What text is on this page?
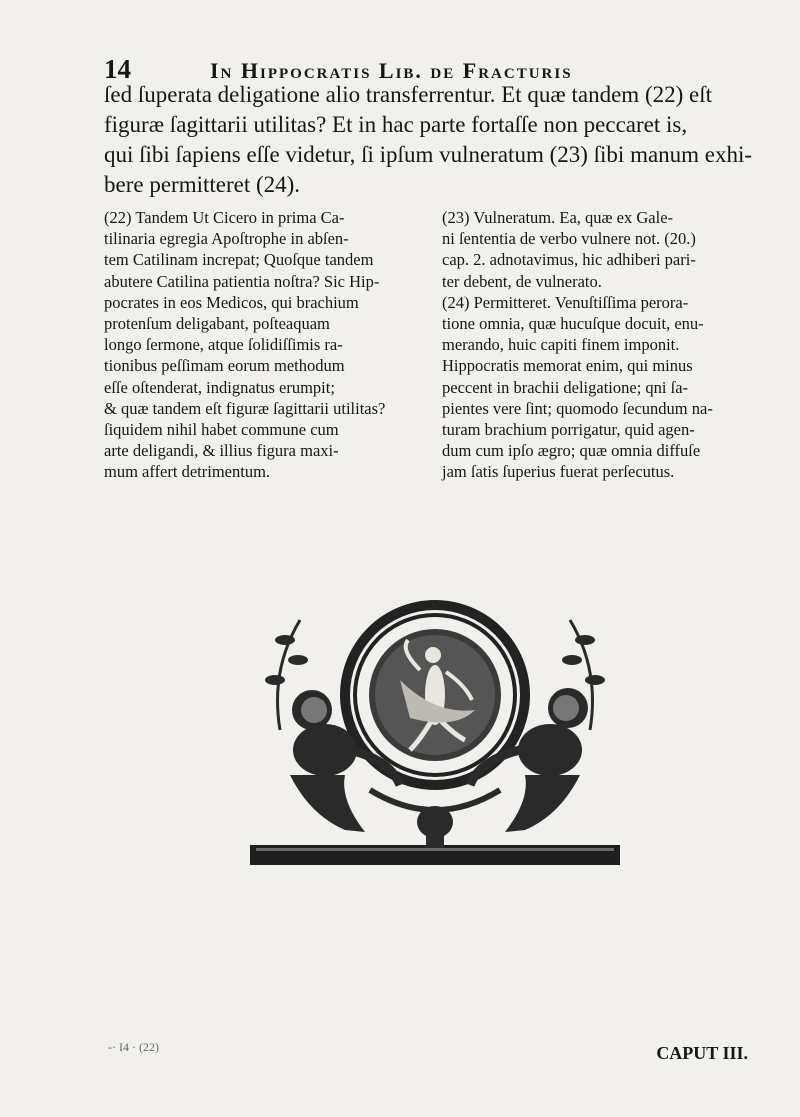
14	In Hippocratis Lib. de Fracturis
ſed ſuperata deligatione alio transferrentur. Et quæ tandem (22) eſt
figuræ ſagittarii utilitas? Et in hac parte fortaſſe non peccaret is,
qui ſibi ſapiens eſſe videtur, ſi ipſum vulneratum (23) ſibi manum exhi-
bere permitteret (24).
(22) Tandem Ut Cicero in prima Ca-
tilinaria egregia Apoſtrophe in abſen-
tem Catilinam increpat; Quoſque tandem
abutere Catilina patientia noſtra? Sic Hip-
pocrates in eos Medicos, qui brachium
protenſum deligabant, poſteaquam
longo ſermone, atque ſolidiſſimis ra-
tionibus peſſimam eorum methodum
eſſe oſtenderat, indignatus erumpit;
& quæ tandem eſt figuræ ſagittarii utilitas?
ſiquidem nihil habet commune cum
arte deligandi, & illius figura maxi-
mum affert detrimentum.
(23) Vulneratum. Ea, quæ ex Gale-
ni ſententia de verbo vulnere not. (20.)
cap. 2. adnotavimus, hic adhiberi pari-
ter debent, de vulnerato.
(24) Permitteret. Venuſtiſſima perora-
tione omnia, quæ hucuſque docuit, enu-
merando, huic capiti finem imponit.
Hippocratis memorat enim, qui minus
peccent in brachii deligatione; qni ſa-
pientes vere ſint; quomodo ſecundum na-
turam brachium porrigatur, quid agen-
dum cum ipſo ægro; quæ omnia diffuſe
jam ſatis ſuperius fuerat perſecutus.
-· I4 · (22)	CAPUT III.
